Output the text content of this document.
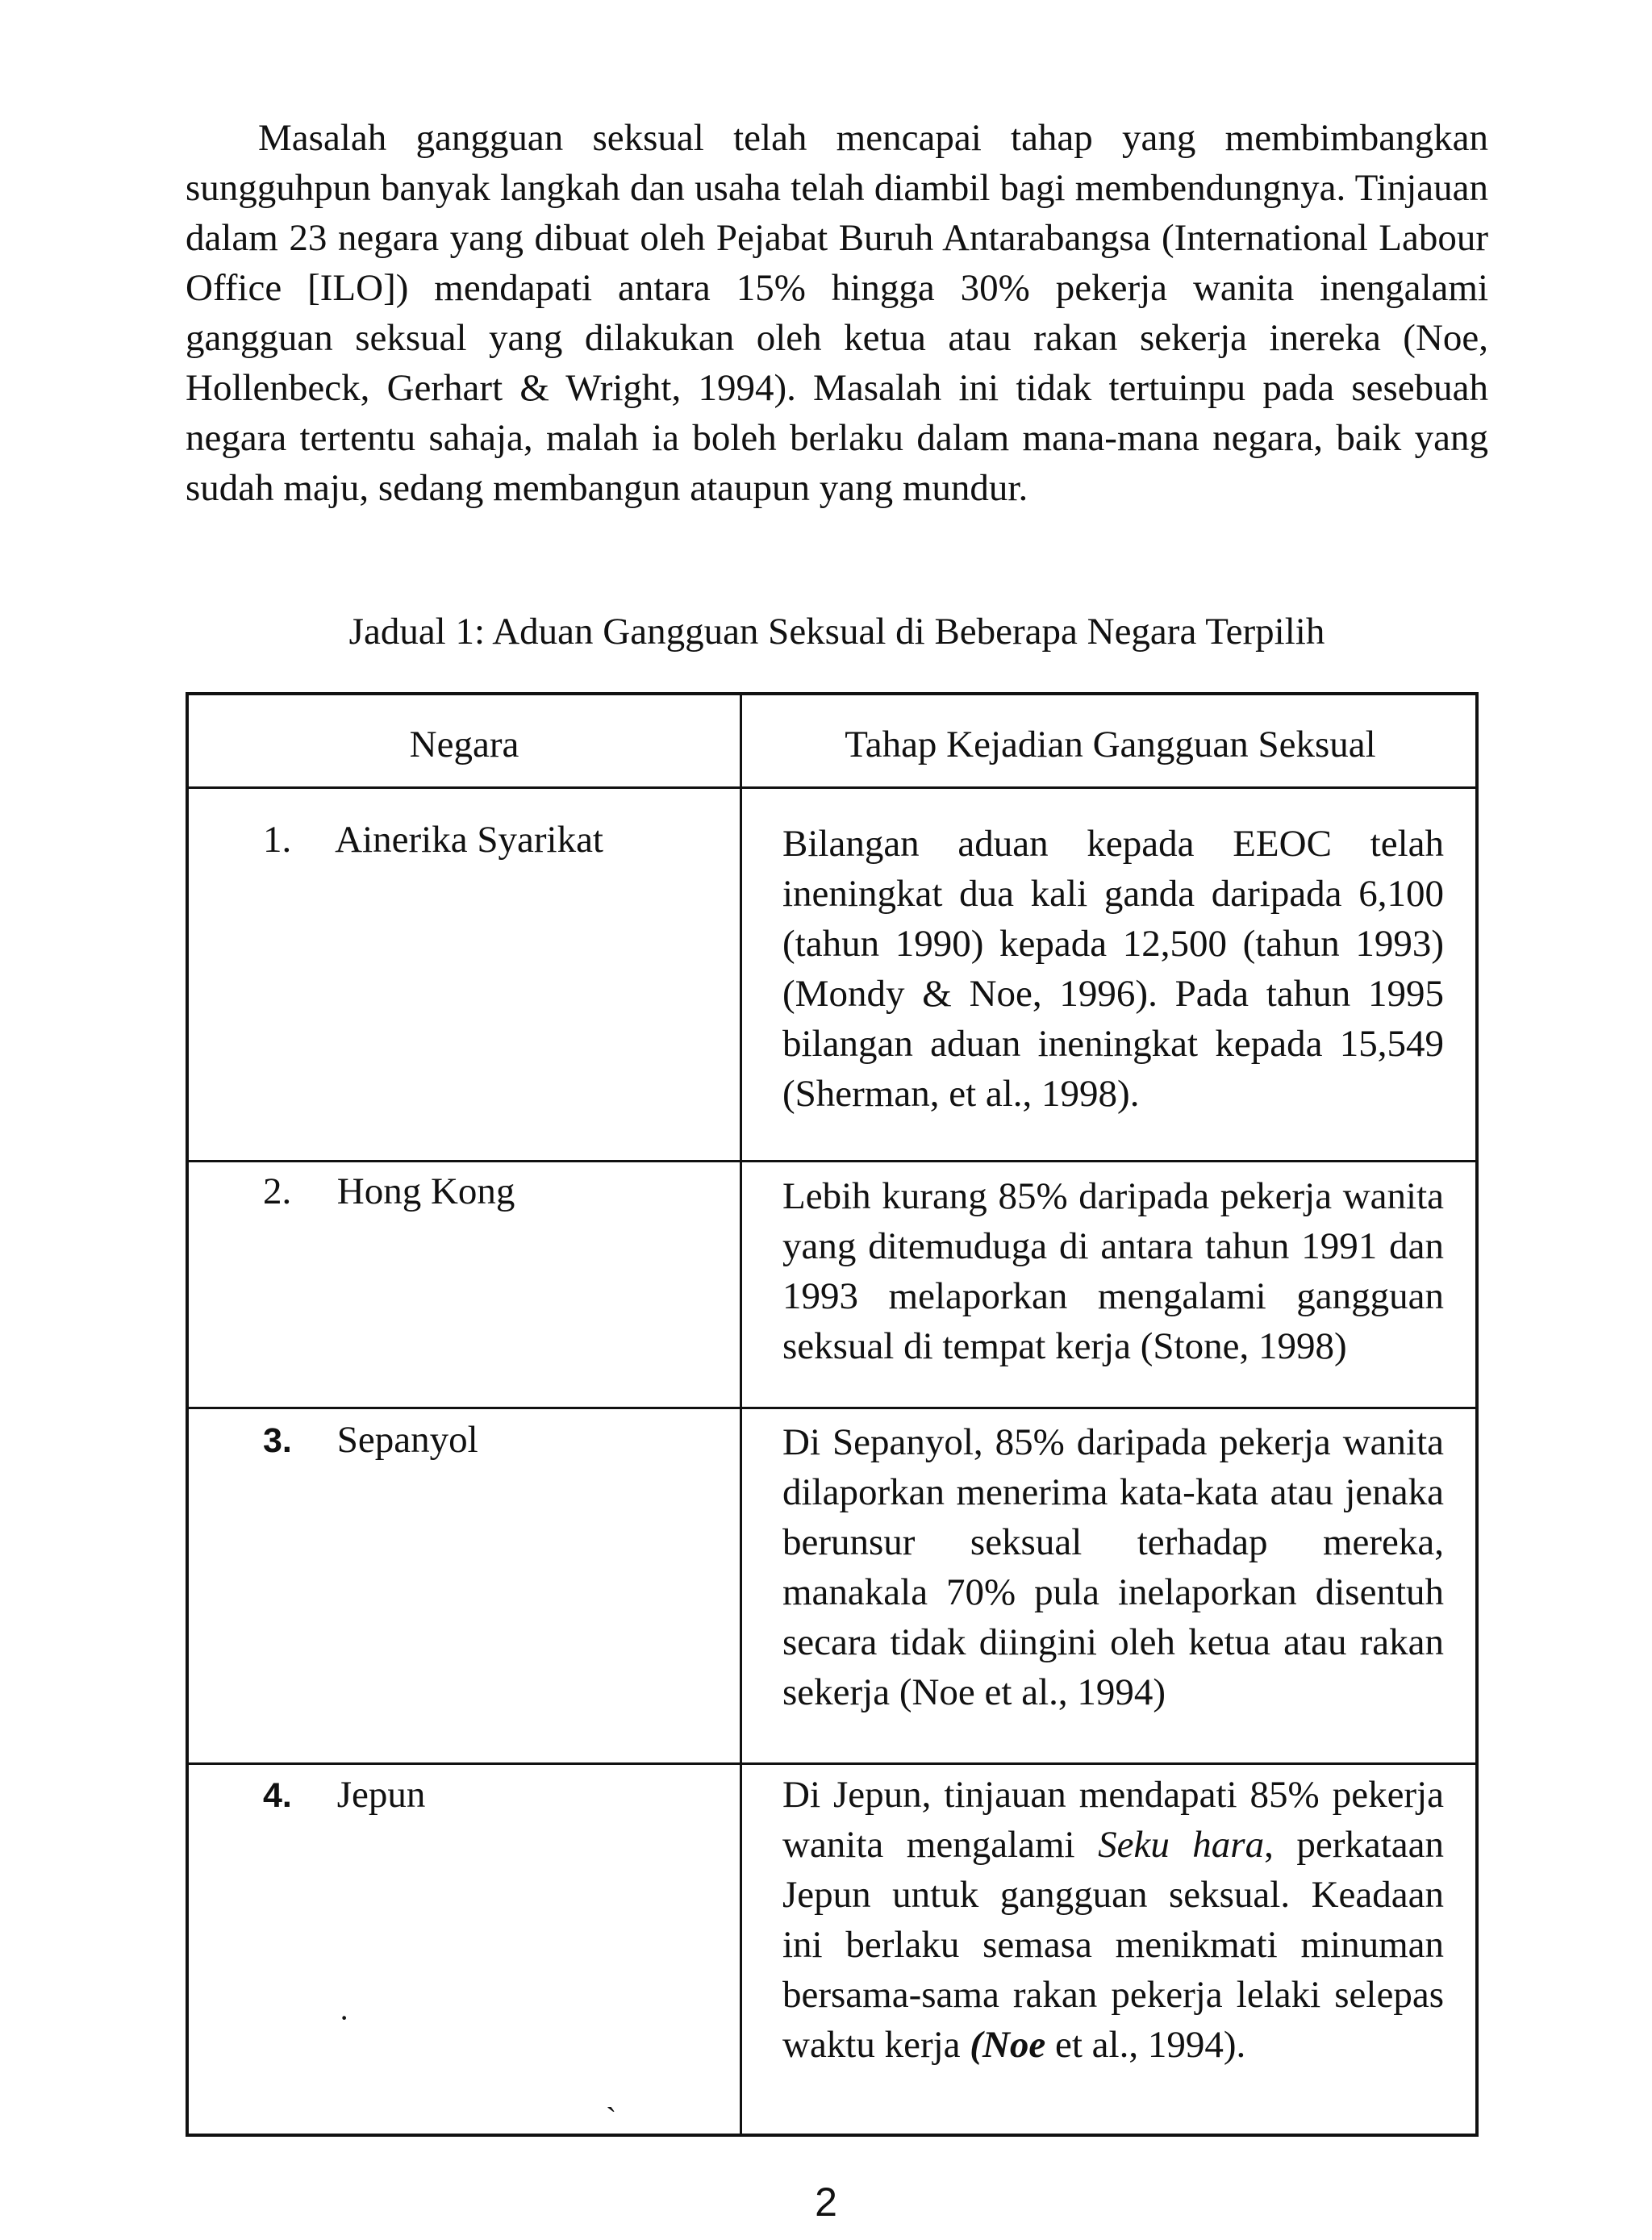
Masalah gangguan seksual telah mencapai tahap yang membimbangkan sungguhpun banyak langkah dan usaha telah diambil bagi membendungnya. Tinjauan dalam 23 negara yang dibuat oleh Pejabat Buruh Antarabangsa (International Labour Office [ILO]) mendapati antara 15% hingga 30% pekerja wanita inengalami gangguan seksual yang dilakukan oleh ketua atau rakan sekerja inereka (Noe, Hollenbeck, Gerhart & Wright, 1994). Masalah ini tidak tertuinpu pada sesebuah negara tertentu sahaja, malah ia boleh berlaku dalam mana-mana negara, baik yang sudah maju, sedang membangun ataupun yang mundur.

Jadual 1: Aduan Gangguan Seksual di Beberapa Negara Terpilih
Negara	Tahap Kejadian Gangguan Seksual
1. Ainerika Syarikat	Bilangan aduan kepada EEOC telah ineningkat dua kali ganda daripada 6,100 (tahun 1990) kepada 12,500 (tahun 1993) (Mondy & Noe, 1996). Pada tahun 1995 bilangan aduan ineningkat kepada 15,549 (Sherman, et al., 1998).
2. Hong Kong	Lebih kurang 85% daripada pekerja wanita yang ditemuduga di antara tahun 1991 dan 1993 melaporkan mengalami gangguan seksual di tempat kerja (Stone, 1998)
3. Sepanyol	Di Sepanyol, 85% daripada pekerja wanita dilaporkan menerima kata-kata atau jenaka berunsur seksual terhadap mereka, manakala 70% pula inelaporkan disentuh secara tidak diingini oleh ketua atau rakan sekerja (Noe et al., 1994)
4. Jepun	Di Jepun, tinjauan mendapati 85% pekerja wanita mengalami Seku hara, perkataan Jepun untuk gangguan seksual. Keadaan ini berlaku semasa menikmati minuman bersama-sama rakan pekerja lelaki selepas waktu kerja (Noe et al., 1994).
·
`
2
